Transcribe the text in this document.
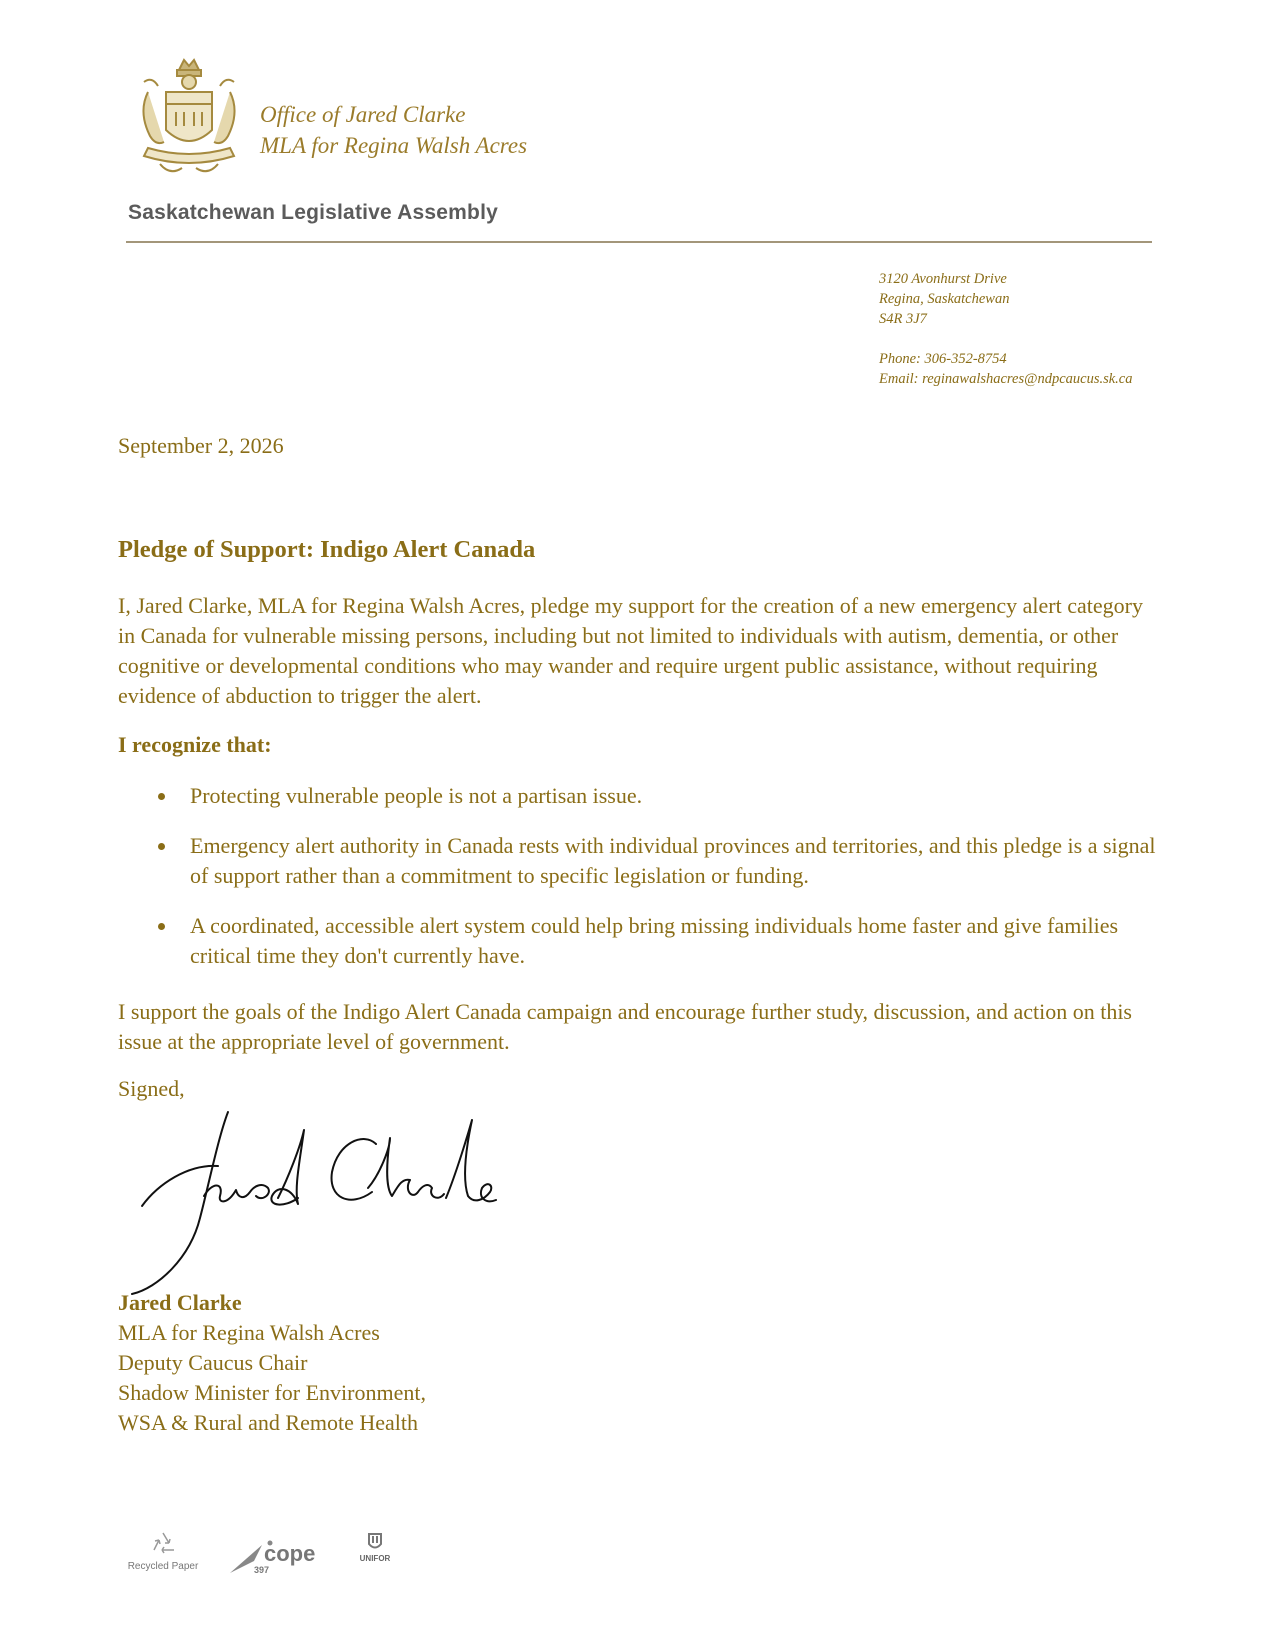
Office of Jared Clarke
MLA for Regina Walsh Acres
Saskatchewan Legislative Assembly
3120 Avonhurst Drive
Regina, Saskatchewan
S4R 3J7
Phone: 306-352-8754
Email: reginawalshacres@ndpcaucus.sk.ca
September 2, 2026
Pledge of Support: Indigo Alert Canada

I, Jared Clarke, MLA for Regina Walsh Acres, pledge my support for the creation of a new emergency alert category in Canada for vulnerable missing persons, including but not limited to individuals with autism, dementia, or other cognitive or developmental conditions who may wander and require urgent public assistance, without requiring evidence of abduction to trigger the alert.

I recognize that:
Protecting vulnerable people is not a partisan issue.
Emergency alert authority in Canada rests with individual provinces and territories, and this pledge is a signal of support rather than a commitment to specific legislation or funding.
A coordinated, accessible alert system could help bring missing individuals home faster and give families critical time they don't currently have.

I support the goals of the Indigo Alert Canada campaign and encourage further study, discussion, and action on this issue at the appropriate level of government.

Signed,
Jared Clarke
MLA for Regina Walsh Acres
Deputy Caucus Chair
Shadow Minister for Environment,
WSA & Rural and Remote Health
Recycled Paper
cope
397
UNIFOR
